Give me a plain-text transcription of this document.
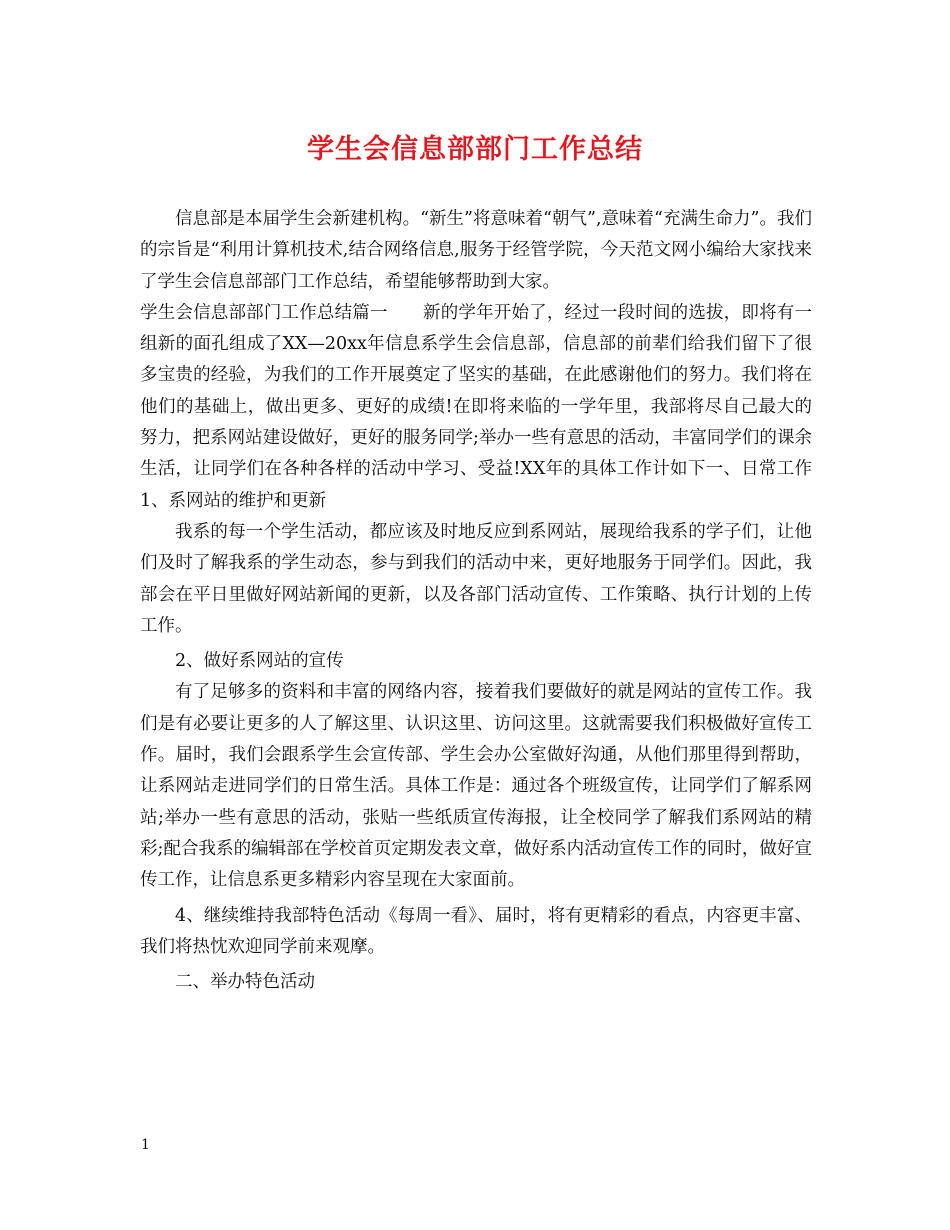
学生会信息部部门工作总结

信息部是本届学生会新建机构。“新生”将意味着“朝气”,意味着“充满生命力”。我们的宗旨是“利用计算机技术,结合网络信息,服务于经管学院，今天范文网小编给大家找来了学生会信息部部门工作总结，希望能够帮助到大家。

学生会信息部部门工作总结篇一　　新的学年开始了，经过一段时间的选拔，即将有一组新的面孔组成了XX—20xx年信息系学生会信息部，信息部的前辈们给我们留下了很多宝贵的经验，为我们的工作开展奠定了坚实的基础，在此感谢他们的努力。我们将在他们的基础上，做出更多、更好的成绩!在即将来临的一学年里，我部将尽自己最大的努力，把系网站建设做好，更好的服务同学;举办一些有意思的活动，丰富同学们的课余生活，让同学们在各种各样的活动中学习、受益!XX年的具体工作计如下一、日常工作 1、系网站的维护和更新

我系的每一个学生活动，都应该及时地反应到系网站，展现给我系的学子们，让他们及时了解我系的学生动态，参与到我们的活动中来，更好地服务于同学们。因此，我部会在平日里做好网站新闻的更新，以及各部门活动宣传、工作策略、执行计划的上传工作。

2、做好系网站的宣传

有了足够多的资料和丰富的网络内容，接着我们要做好的就是网站的宣传工作。我们是有必要让更多的人了解这里、认识这里、访问这里。这就需要我们积极做好宣传工作。届时，我们会跟系学生会宣传部、学生会办公室做好沟通，从他们那里得到帮助，让系网站走进同学们的日常生活。具体工作是：通过各个班级宣传，让同学们了解系网站;举办一些有意思的活动，张贴一些纸质宣传海报，让全校同学了解我们系网站的精彩;配合我系的编辑部在学校首页定期发表文章，做好系内活动宣传工作的同时，做好宣传工作，让信息系更多精彩内容呈现在大家面前。

4、继续维持我部特色活动《每周一看》、届时，将有更精彩的看点，内容更丰富、我们将热忱欢迎同学前来观摩。

二、举办特色活动

1
